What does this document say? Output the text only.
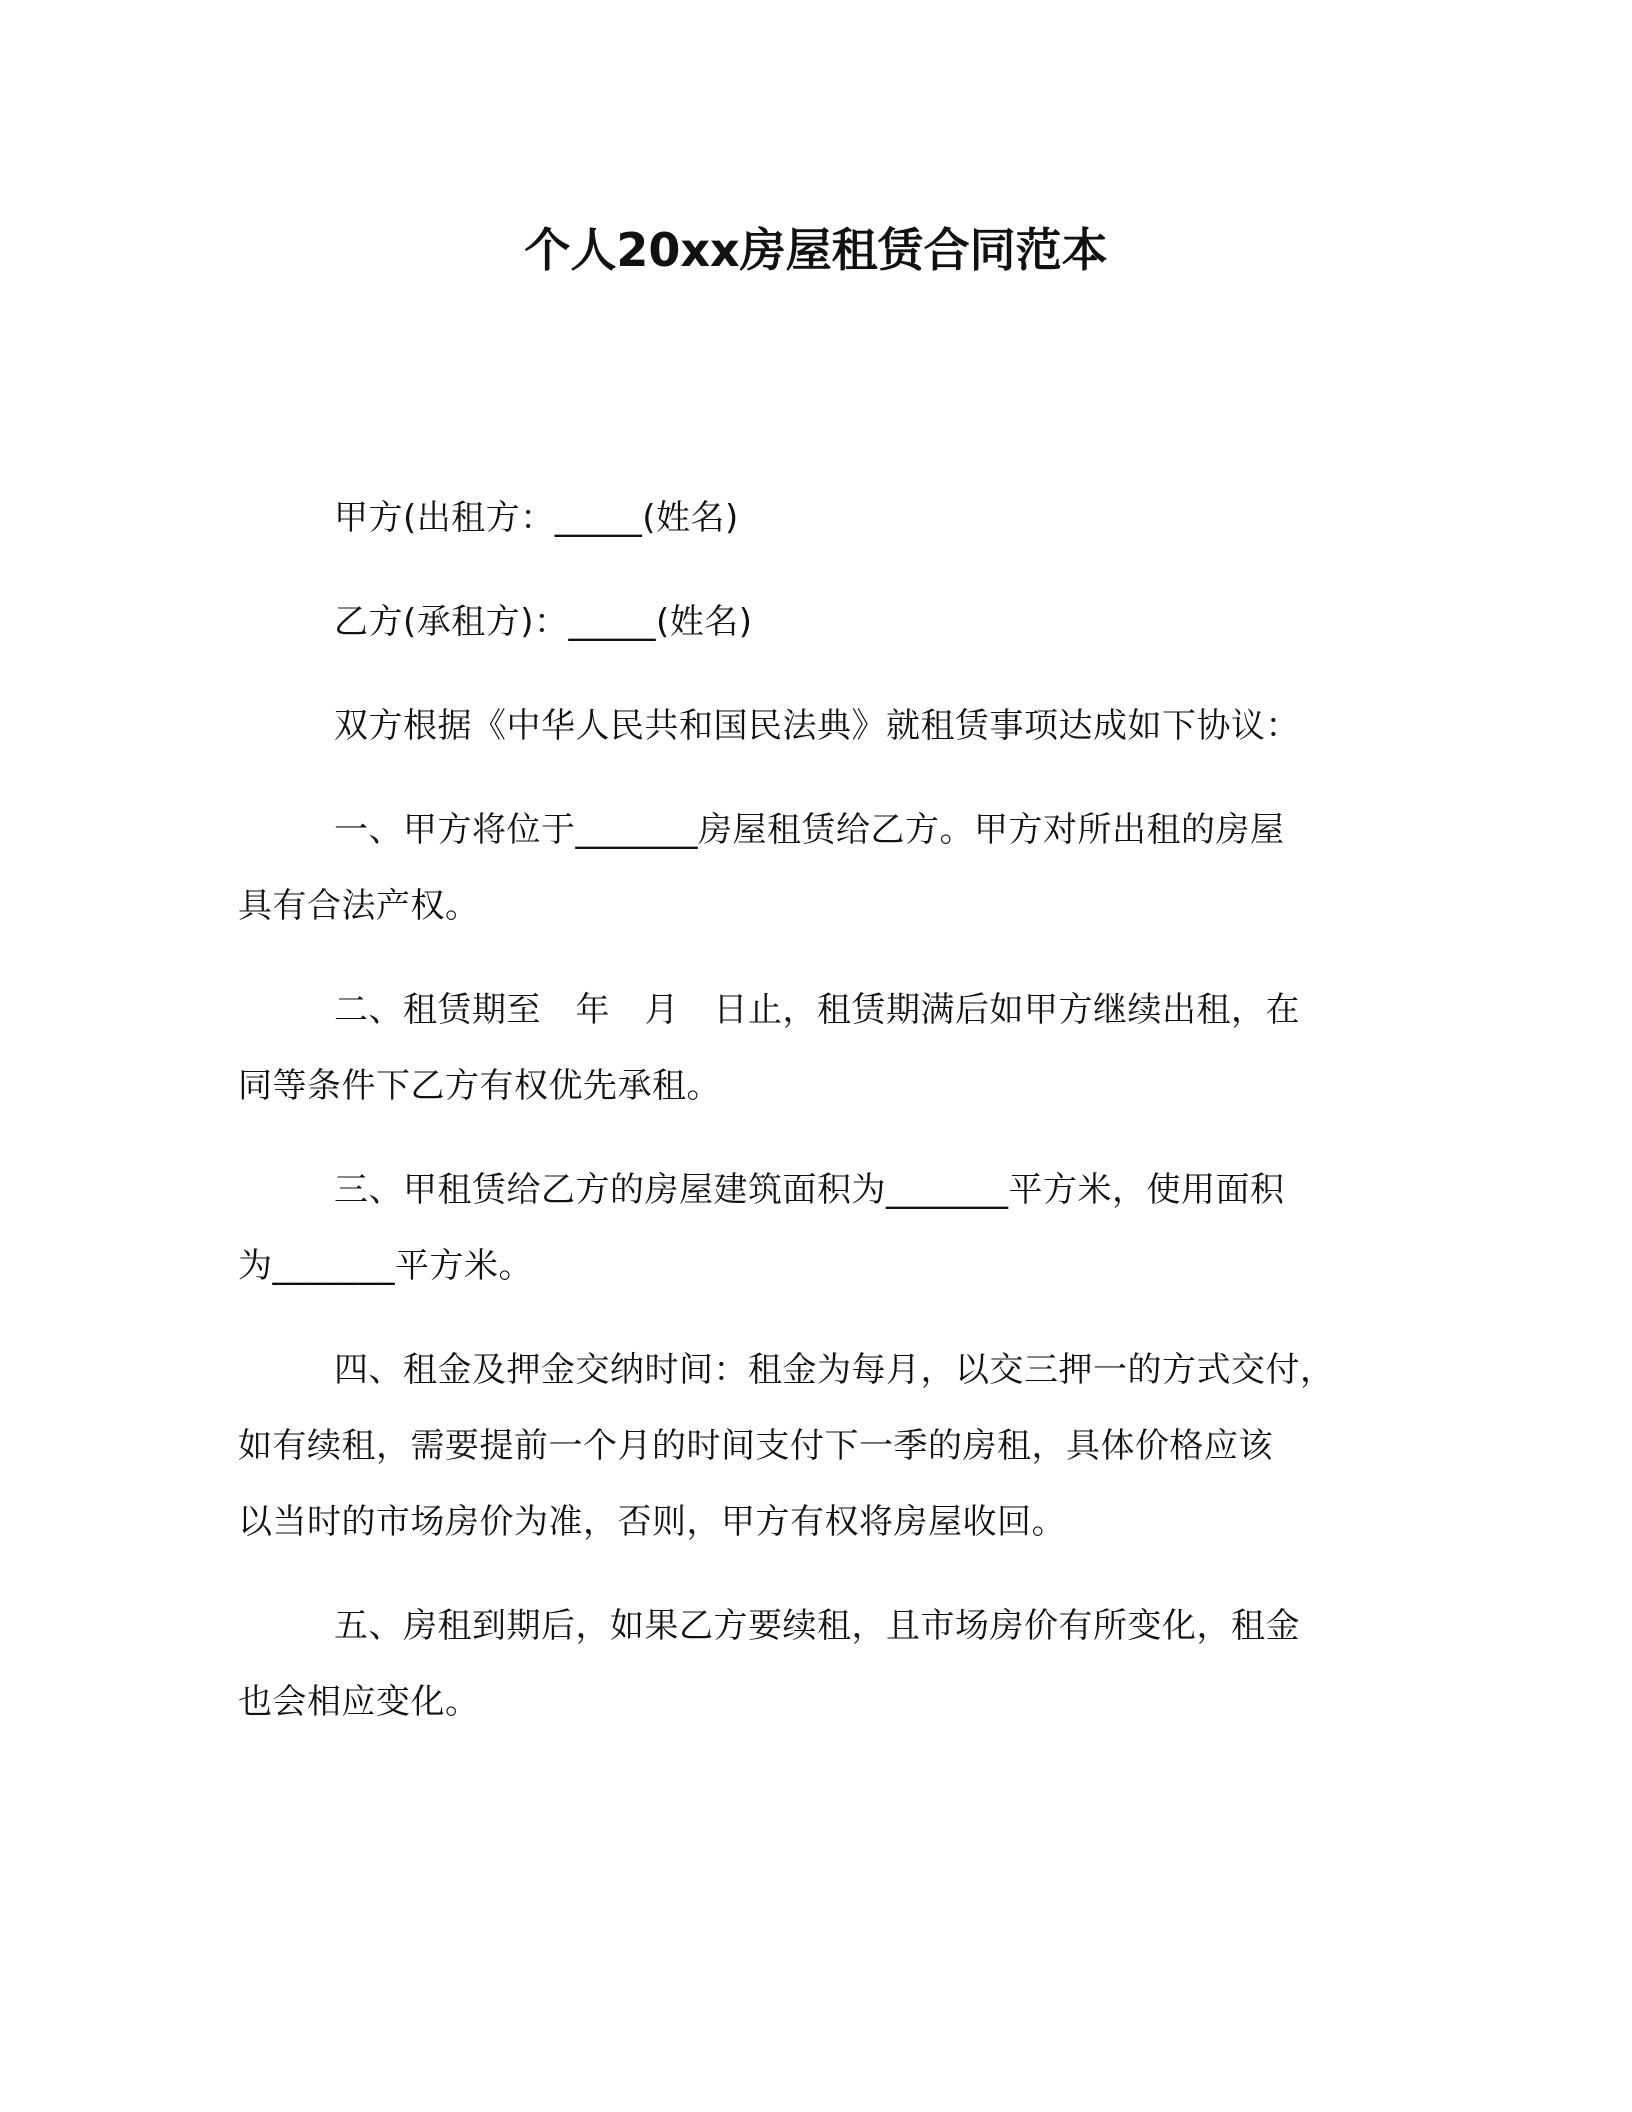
个人20xx房屋租赁合同范本
甲方(出租方：_____(姓名)
乙方(承租方)：_____(姓名)
双方根据《中华人民共和国民法典》就租赁事项达成如下协议：
一、甲方将位于_______房屋租赁给乙方。甲方对所出租的房屋
具有合法产权。
二、租赁期至　年　月　日止，租赁期满后如甲方继续出租，在
同等条件下乙方有权优先承租。
三、甲租赁给乙方的房屋建筑面积为_______平方米，使用面积
为_______平方米。
四、租金及押金交纳时间：租金为每月，以交三押一的方式交付，
如有续租，需要提前一个月的时间支付下一季的房租，具体价格应该
以当时的市场房价为准，否则，甲方有权将房屋收回。
五、房租到期后，如果乙方要续租，且市场房价有所变化，租金
也会相应变化。
